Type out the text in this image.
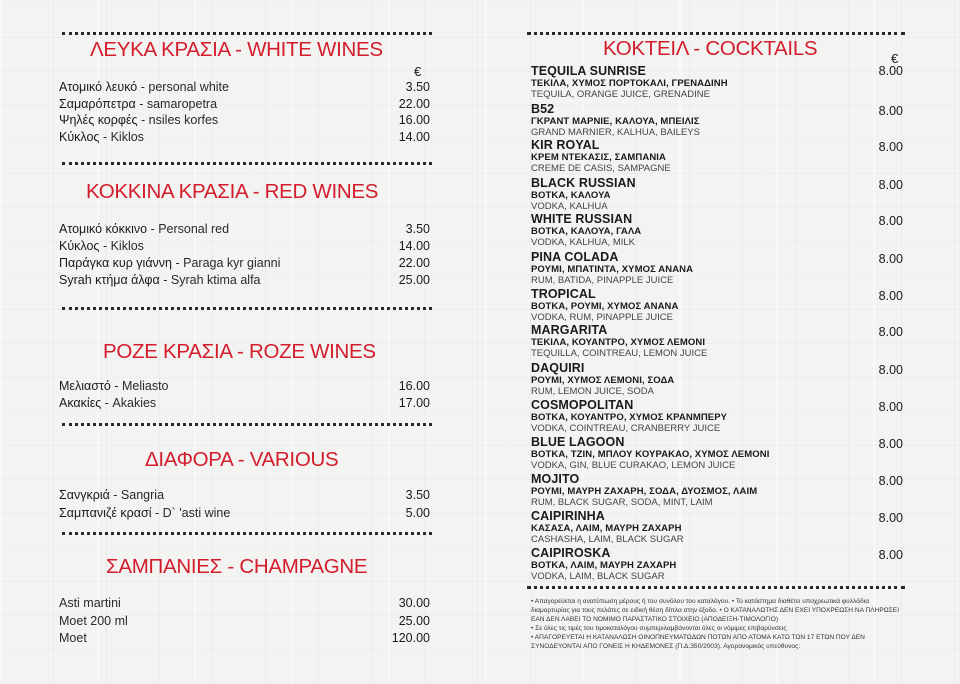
ΛΕΥΚΑ ΚΡΑΣΙΑ - WHITE WINES
€
Ατομικό λευκό - personal white	3.50
Σαμαρόπετρα - samaropetra	22.00
Ψηλές κορφές - nsiles korfes	16.00
Κύκλος - Kiklos	14.00
ΚΟΚΚΙΝΑ ΚΡΑΣΙΑ - RED WINES
Ατομικό κόκκινο - Personal red	3.50
Κύκλος - Kiklos	14.00
Παράγκα κυρ γιάννη - Paraga kyr gianni	22.00
Syrah κτήμα άλφα - Syrah ktima alfa	25.00
ΡΟΖΕ ΚΡΑΣΙΑ - ROZE WINES
Μελιαστό - Meliasto	16.00
Ακακίες - Akakies	17.00
ΔΙΑΦΟΡΑ - VARIOUS
Σανγκριά - Sangria	3.50
Σαμπανιζέ κρασί - D` 'asti wine	5.00
ΣΑΜΠΑΝΙΕΣ - CHAMPAGNE
Asti martini	30.00
Moet 200 ml	25.00
Moet	120.00
ΚΟΚΤΕΙΛ - COCKTAILS	€
TEQUILA SUNRISE
ΤΕΚΙΛΑ, ΧΥΜΟΣ ΠΟΡΤΟΚΑΛΙ, ΓΡΕΝΑΔΙΝΗ
TEQUILA, ORANGE JUICE, GRENADINE
8.00
B52
ΓΚΡΑΝΤ ΜΑΡΝΙΕ, ΚΑΛΟΥΑ, ΜΠΕΙΛΙΣ
GRAND MARNIER, KALHUA, BAILEYS
8.00
KIR ROYAL
ΚΡΕΜ ΝΤΕΚΑΣΙΣ, ΣΑΜΠΑΝΙΑ
CREME DE CASIS, SAMPAGNE
8.00
BLACK RUSSIAN
ΒΟΤΚΑ, ΚΑΛΟΥΑ
VODKA, KALHUA
8.00
WHITE RUSSIAN
ΒΟΤΚΑ, ΚΑΛΟΥΑ, ΓΑΛΑ
VODKA, KALHUA, MILK
8.00
PINA COLADA
ΡΟΥΜΙ, ΜΠΑΤΙΝΤΑ, ΧΥΜΟΣ ΑΝΑΝΑ
RUM, BATIDA, PINAPPLE JUICE
8.00
TROPICAL
ΒΟΤΚΑ, ΡΟΥΜΙ, ΧΥΜΟΣ ΑΝΑΝΑ
VODKA, RUM, PINAPPLE JUICE
8.00
MARGARITA
ΤΕΚΙΛΑ, ΚΟΥΑΝΤΡΟ, ΧΥΜΟΣ ΛΕΜΟΝΙ
TEQUILLA, COINTREAU, LEMON JUICE
8.00
DAQUIRI
ΡΟΥΜΙ, ΧΥΜΟΣ ΛΕΜΟΝΙ, ΣΟΔΑ
RUM, LEMON JUICE, SODA
8.00
COSMOPOLITAN
ΒΟΤΚΑ, ΚΟΥΑΝΤΡΟ, ΧΥΜΟΣ ΚΡΑΝΜΠΕΡΥ
VODKA, COINTREAU, CRANBERRY JUICE
8.00
BLUE LAGOON
ΒΟΤΚΑ, ΤΖΙΝ, ΜΠΛΟΥ ΚΟΥΡΑΚΑΟ, ΧΥΜΟΣ ΛΕΜΟΝΙ
VODKA, GIN, BLUE CURAKAO, LEMON JUICE
8.00
MOJITO
ΡΟΥΜΙ, ΜΑΥΡΗ ΖΑΧΑΡΗ, ΣΟΔΑ, ΔΥΟΣΜΟΣ, ΛΑΙΜ
RUM, BLACK SUGAR, SODA, MINT, LAIM
8.00
CAIPIRINHA
ΚΑΣΑΣΑ, ΛΑΙΜ, ΜΑΥΡΗ ΖΑΧΑΡΗ
CASHASHA, LAIM, BLACK SUGAR
8.00
CAIPIROSKA
ΒΟΤΚΑ, ΛΑΙΜ, ΜΑΥΡΗ ΖΑΧΑΡΗ
VODKA, LAIM, BLACK SUGAR
8.00
• Απαγορεύεται η ανατύπωση μέρους ή του συνόλου του καταλόγου. • Το κατάστημα διαθέτει υποχρεωτικά φυλλάδια διαμαρτυρίας για τους πελάτες σε ειδική θέση δίπλα στην έξοδο. • Ο ΚΑΤΑΝΑΛΩΤΗΣ ΔΕΝ ΕΧΕΙ ΥΠΟΧΡΕΩΣΗ ΝΑ ΠΛΗΡΩΣΕΙ ΕΑΝ ΔΕΝ ΛΑΒΕΙ ΤΟ ΝΟΜΙΜΟ ΠΑΡΑΣΤΑΤΙΚΟ ΣΤΟΙΧΕΙΟ (ΑΠΟΔΕΙΞΗ-ΤΙΜΟΛΟΓΙΟ)
• Σε όλες τις τιμές του τιμοκαταλόγου συμπεριλαμβάνονται όλες οι νόμιμες επιβαρύνσεις
• ΑΠΑΓΟΡΕΥΕΤΑΙ Η ΚΑΤΑΝΑΛΩΣΗ ΟΙΝΟΠΝΕΥΜΑΤΩΔΩΝ ΠΟΤΩΝ ΑΠΟ ΑΤΟΜΑ ΚΑΤΩ ΤΩΝ 17 ΕΤΩΝ ΠΟΥ ΔΕΝ ΣΥΝΟΔΕΥΟΝΤΑΙ ΑΠΟ ΓΟΝΕΙΣ Η ΚΗΔΕΜΟΝΕΣ (Π.Δ.350/2003). Αγορανομικός υπεύθυνος:
